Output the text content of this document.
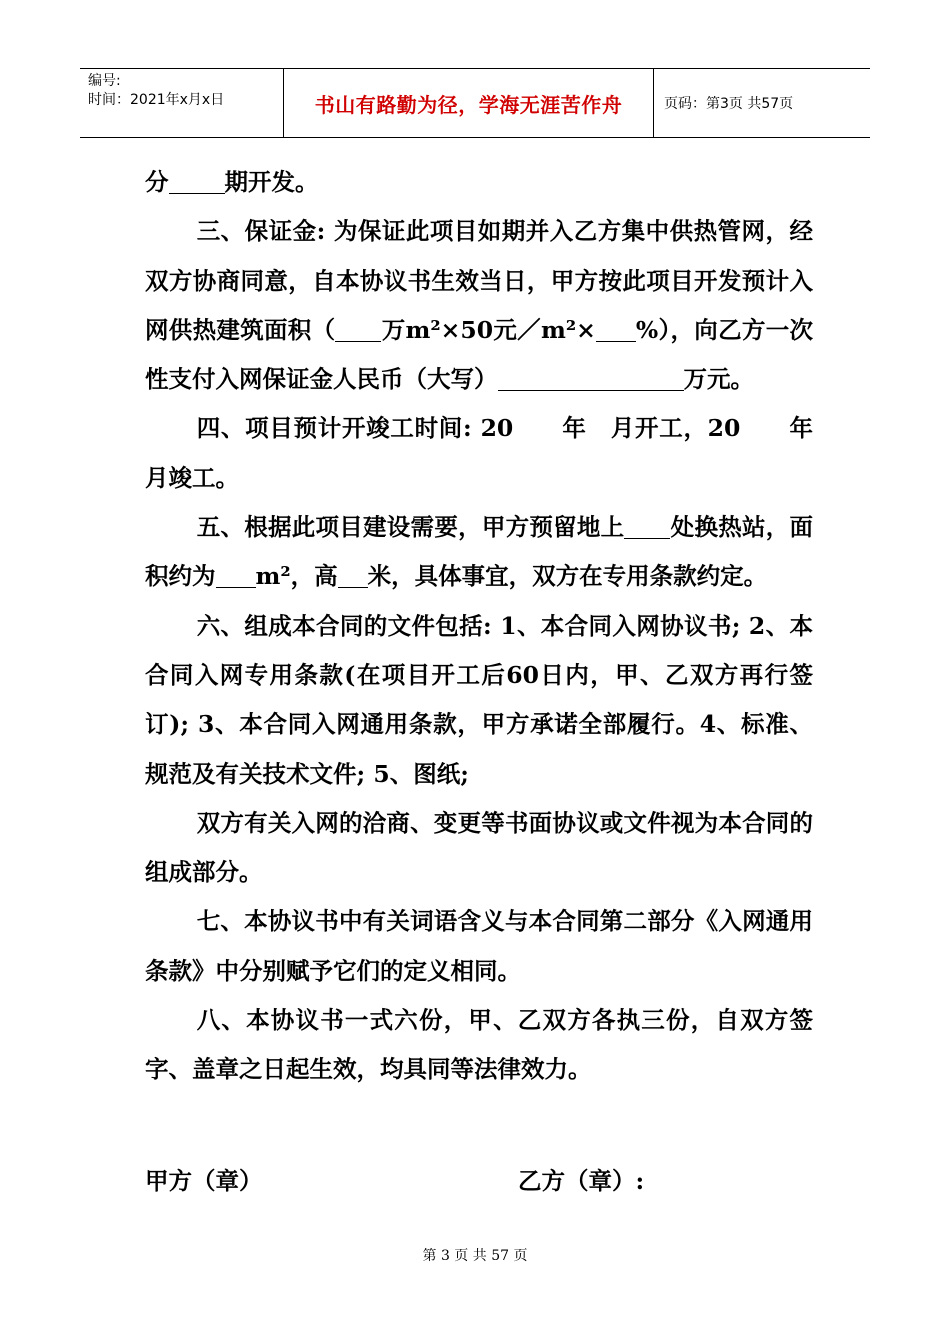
编号:
时间：2021年x月x日	书山有路勤为径，学海无涯苦作舟	页码：第3页 共57页

分 期开发。

三、保证金: 为保证此项目如期并入乙方集中供热管网，经双方协商同意，自本协议书生效当日，甲方按此项目开发预计入网供热建筑面积（ 万m²×50元／m²× %），向乙方一次性支付入网保证金人民币（大写）	万元。

四、项目预计开竣工时间: 20　　年　月开工，20　　年　　月竣工。

五、根据此项目建设需要，甲方预留地上 处换热站，面积约为 m²，高 米，具体事宜，双方在专用条款约定。

六、组成本合同的文件包括: 1、本合同入网协议书; 2、本合同入网专用条款(在项目开工后60日内，甲、乙双方再行签订); 3、本合同入网通用条款，甲方承诺全部履行。4、标准、规范及有关技术文件; 5、图纸;

双方有关入网的洽商、变更等书面协议或文件视为本合同的组成部分。

七、本协议书中有关词语含义与本合同第二部分《入网通用条款》中分别赋予它们的定义相同。

八、本协议书一式六份，甲、乙双方各执三份，自双方签字、盖章之日起生效，均具同等法律效力。

甲方（章）	乙方（章）:
第 3 页 共 57 页
